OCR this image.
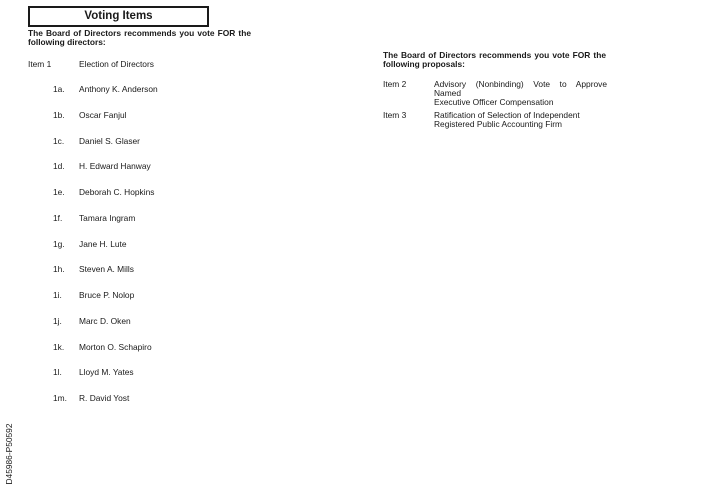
Voting Items
The Board of Directors recommends you vote FOR the following directors:
Item 1	Election of Directors
1a. Anthony K. Anderson
1b. Oscar Fanjul
1c. Daniel S. Glaser
1d. H. Edward Hanway
1e. Deborah C. Hopkins
1f. Tamara Ingram
1g. Jane H. Lute
1h. Steven A. Mills
1i. Bruce P. Nolop
1j. Marc D. Oken
1k. Morton O. Schapiro
1l. Lloyd M. Yates
1m. R. David Yost
The Board of Directors recommends you vote FOR the following proposals:
Item 2	Advisory (Nonbinding) Vote to Approve Named
Executive Officer Compensation
Item 3	Ratification of Selection of Independent
Registered Public Accounting Firm
D45986-P50592
